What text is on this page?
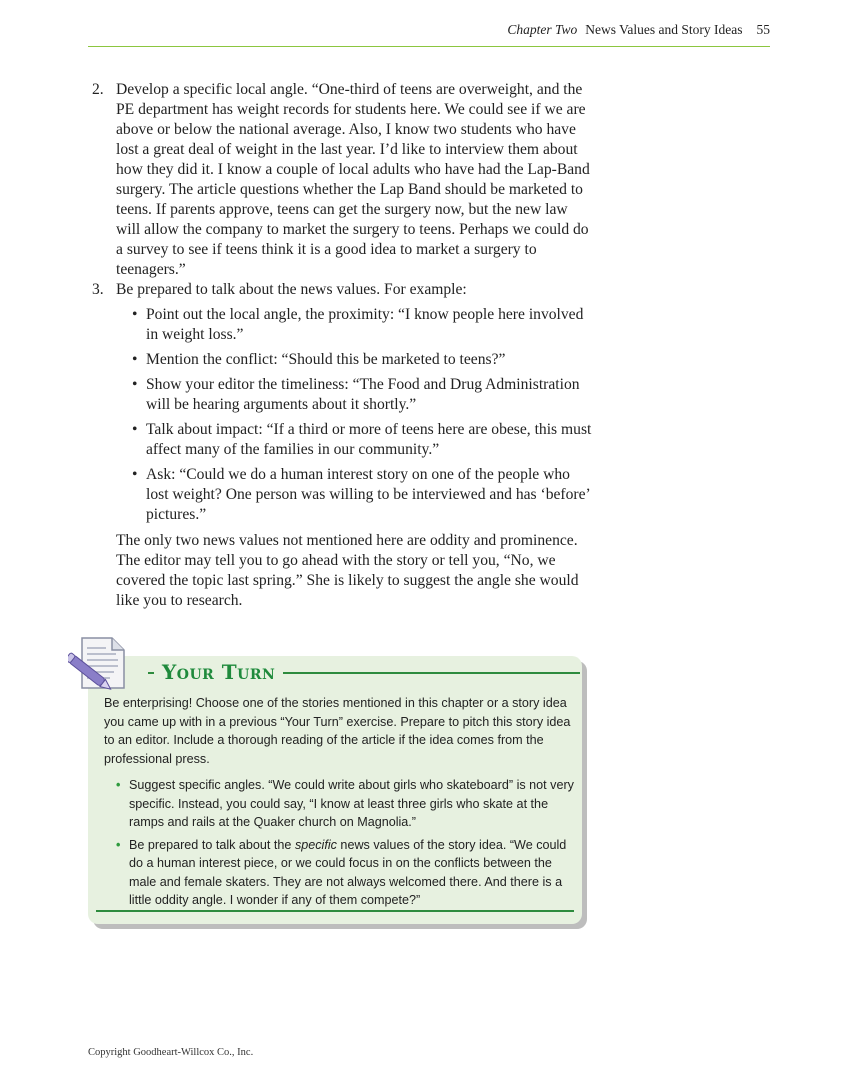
Chapter Two News Values and Story Ideas 55
2. Develop a specific local angle. “One-third of teens are overweight, and the PE department has weight records for students here. We could see if we are above or below the national average. Also, I know two students who have lost a great deal of weight in the last year. I’d like to interview them about how they did it. I know a couple of local adults who have had the Lap-Band surgery. The article questions whether the Lap Band should be marketed to teens. If parents approve, teens can get the surgery now, but the new law will allow the company to market the surgery to teens. Perhaps we could do a survey to see if teens think it is a good idea to market a surgery to teenagers.”
3. Be prepared to talk about the news values. For example:
• Point out the local angle, the proximity: “I know people here involved in weight loss.”
• Mention the conflict: “Should this be marketed to teens?”
• Show your editor the timeliness: “The Food and Drug Administration will be hearing arguments about it shortly.”
• Talk about impact: “If a third or more of teens here are obese, this must affect many of the families in our community.”
• Ask: “Could we do a human interest story on one of the people who lost weight? One person was willing to be interviewed and has ‘before’ pictures.”
The only two news values not mentioned here are oddity and prominence. The editor may tell you to go ahead with the story or tell you, “No, we covered the topic last spring.” She is likely to suggest the angle she would like you to research.
Your Turn
Be enterprising! Choose one of the stories mentioned in this chapter or a story idea you came up with in a previous “Your Turn” exercise. Prepare to pitch this story idea to an editor. Include a thorough reading of the article if the idea comes from the professional press.
• Suggest specific angles. “We could write about girls who skateboard” is not very specific. Instead, you could say, “I know at least three girls who skate at the ramps and rails at the Quaker church on Magnolia.”
• Be prepared to talk about the specific news values of the story idea. “We could do a human interest piece, or we could focus in on the conflicts between the male and female skaters. They are not always welcomed there. And there is a little oddity angle. I wonder if any of them compete?”
Copyright Goodheart-Willcox Co., Inc.
